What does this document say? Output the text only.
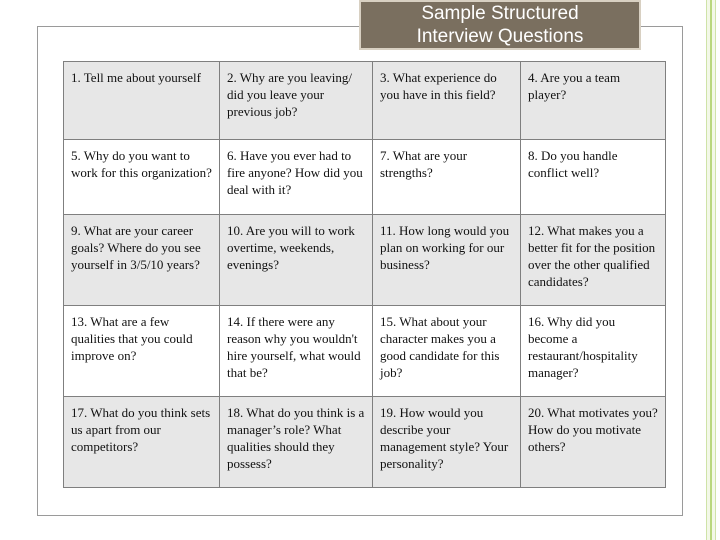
Sample Structured
Interview Questions
1. Tell me about yourself	2. Why are you leaving/ did you leave your previous job?	3. What experience do you have in this field?	4. Are you a team player?
5. Why do you want to work for this organization?	6. Have you ever had to fire anyone? How did you deal with it?	7. What are your strengths?	8. Do you handle conflict well?
9. What are your career goals? Where do you see yourself in 3/5/10 years?	10. Are you will to work overtime, weekends, evenings?	11. How long would you plan on working for our business?	12. What makes you a better fit for the position over the other qualified candidates?
13. What are a few qualities that you could improve on?	14. If there were any reason why you wouldn't hire yourself, what would that be?	15. What about your character makes you a good candidate for this job?	16. Why did you become a restaurant/hospitality manager?
17. What do you think sets us apart from our competitors?	18. What do you think is a manager’s role? What qualities should they possess?	19. How would you describe your management style? Your personality?	20. What motivates you? How do you motivate others?
